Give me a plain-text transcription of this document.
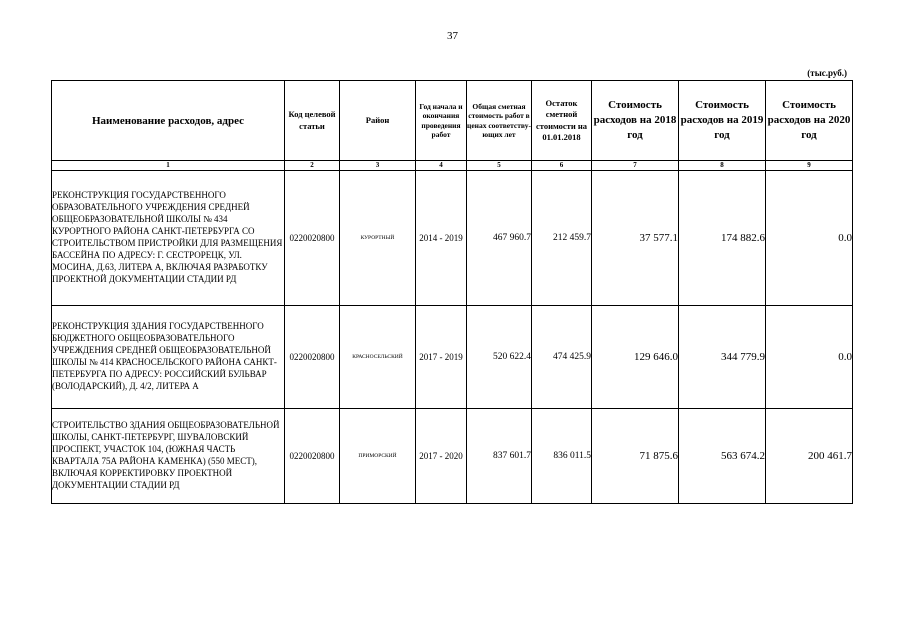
37
(тыс.руб.)
Наименование расходов, адрес	Код целевой статьи	Район	Год начала и окончания проведения работ	Общая сметная стоимость работ в ценах соответству-ющих лет	Остаток сметной стоимости на 01.01.2018	Стоимость расходов на 2018 год	Стоимость расходов на 2019 год	Стоимость расходов на 2020 год
1	2	3	4	5	6	7	8	9
РЕКОНСТРУКЦИЯ ГОСУДАРСТВЕННОГО ОБРАЗОВАТЕЛЬНОГО УЧРЕЖДЕНИЯ СРЕДНЕЙ ОБЩЕОБРАЗОВАТЕЛЬНОЙ ШКОЛЫ № 434 КУРОРТНОГО РАЙОНА САНКТ-ПЕТЕРБУРГА СО СТРОИТЕЛЬСТВОМ ПРИСТРОЙКИ ДЛЯ РАЗМЕЩЕНИЯ БАССЕЙНА ПО АДРЕСУ: Г. СЕСТРОРЕЦК, УЛ. МОСИНА, Д.63, ЛИТЕРА А, ВКЛЮЧАЯ РАЗРАБОТКУ ПРОЕКТНОЙ ДОКУМЕНТАЦИИ СТАДИИ РД	0220020800	КУРОРТНЫЙ	2014 - 2019	467 960.7	212 459.7	37 577.1	174 882.6	0.0
РЕКОНСТРУКЦИЯ ЗДАНИЯ ГОСУДАРСТВЕННОГО БЮДЖЕТНОГО ОБЩЕОБРАЗОВАТЕЛЬНОГО УЧРЕЖДЕНИЯ СРЕДНЕЙ ОБЩЕОБРАЗОВАТЕЛЬНОЙ ШКОЛЫ № 414 КРАСНОСЕЛЬСКОГО РАЙОНА САНКТ-ПЕТЕРБУРГА ПО АДРЕСУ: РОССИЙСКИЙ БУЛЬВАР (ВОЛОДАРСКИЙ), Д. 4/2, ЛИТЕРА А	0220020800	КРАСНОСЕЛЬСКИЙ	2017 - 2019	520 622.4	474 425.9	129 646.0	344 779.9	0.0
СТРОИТЕЛЬСТВО ЗДАНИЯ ОБЩЕОБРАЗОВАТЕЛЬНОЙ ШКОЛЫ, САНКТ-ПЕТЕРБУРГ, ШУВАЛОВСКИЙ ПРОСПЕКТ, УЧАСТОК 104, (ЮЖНАЯ ЧАСТЬ КВАРТАЛА 75А РАЙОНА КАМЕНКА) (550 МЕСТ), ВКЛЮЧАЯ КОРРЕКТИРОВКУ ПРОЕКТНОЙ ДОКУМЕНТАЦИИ СТАДИИ РД	0220020800	ПРИМОРСКИЙ	2017 - 2020	837 601.7	836 011.5	71 875.6	563 674.2	200 461.7
